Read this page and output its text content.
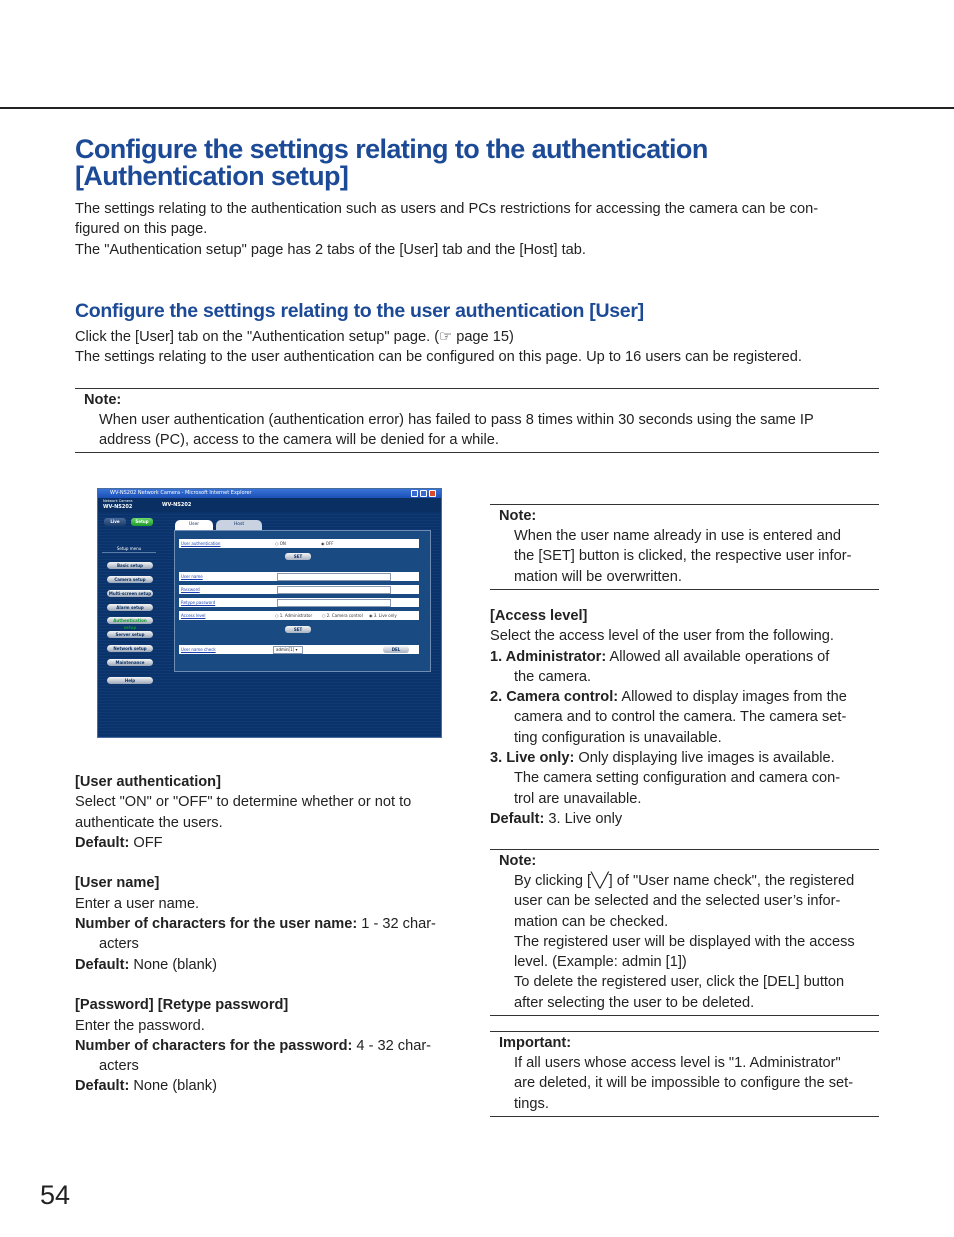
Configure the settings relating to the authentication
[Authentication setup]
The settings relating to the authentication such as users and PCs restrictions for accessing the camera can be con-
figured on this page.
The "Authentication setup" page has 2 tabs of the [User] tab and the [Host] tab.
Configure the settings relating to the user authentication [User]
Click the [User] tab on the "Authentication setup" page. (☞ page 15)
The settings relating to the user authentication can be configured on this page. Up to 16 users can be registered.
Note:
When user authentication (authentication error) has failed to pass 8 times within 30 seconds using the same IP
address (PC), access to the camera will be denied for a while.
WV-NS202 Network Camera - Microsoft Internet Explorer
Network Camera
WV-NS202	WV-NS202
Live	Setup
Setup menu
Basic setup
Camera setup
Multi-screen setup
Alarm setup
Authentication setup
Server setup
Network setup
Maintenance
Help
User	Host
User authentication	○ ON	◉ OFF
SET
User name
Password
Retype password
Access level	○ 1. Administrator ○ 2. Camera control ◉ 3. Live only
SET
User name check	admin[1] ▾	DEL
[User authentication]
Select "ON" or "OFF" to determine whether or not to
authenticate the users.
Default: OFF
[User name]
Enter a user name.
Number of characters for the user name: 1 - 32 char-
acters
Default: None (blank)
[Password] [Retype password]
Enter the password.
Number of characters for the password: 4 - 32 char-
acters
Default: None (blank)
Note:
When the user name already in use is entered and
the [SET] button is clicked, the respective user infor-
mation will be overwritten.
[Access level]
Select the access level of the user from the following.
1. Administrator: Allowed all available operations of
the camera.
2. Camera control: Allowed to display images from the
camera and to control the camera. The camera set-
ting configuration is unavailable.
3. Live only: Only displaying live images is available.
The camera setting configuration and camera con-
trol are unavailable.
Default: 3. Live only
Note:
By clicking [╲╱] of "User name check", the registered
user can be selected and the selected user’s infor-
mation can be checked.
The registered user will be displayed with the access
level. (Example: admin [1])
To delete the registered user, click the [DEL] button
after selecting the user to be deleted.
Important:
If all users whose access level is "1. Administrator"
are deleted, it will be impossible to configure the set-
tings.
54
